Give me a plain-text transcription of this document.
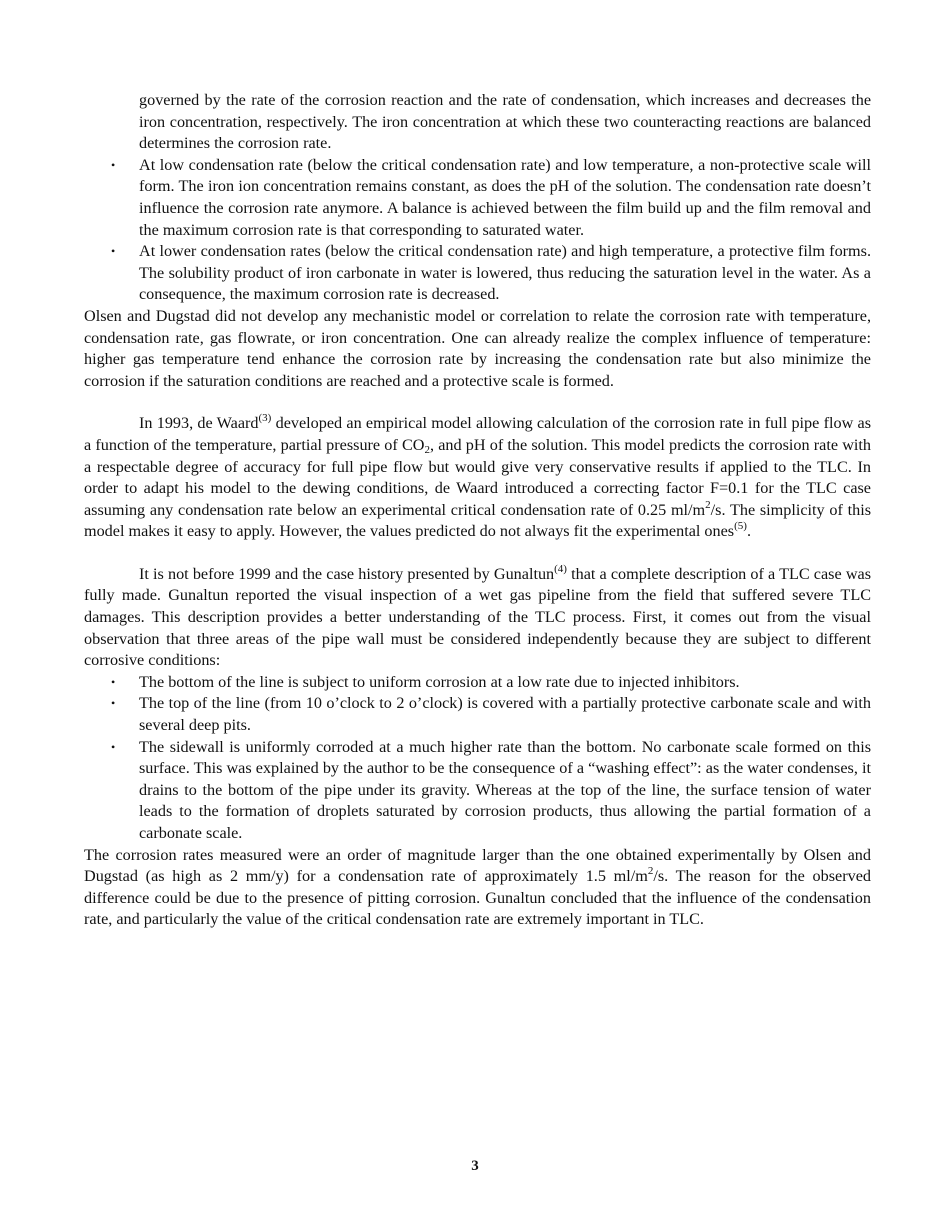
governed by the rate of the corrosion reaction and the rate of condensation, which increases and decreases the iron concentration, respectively. The iron concentration at which these two counteracting reactions are balanced determines the corrosion rate.

• At low condensation rate (below the critical condensation rate) and low temperature, a non-protective scale will form. The iron ion concentration remains constant, as does the pH of the solution. The condensation rate doesn’t influence the corrosion rate anymore. A balance is achieved between the film build up and the film removal and the maximum corrosion rate is that corresponding to saturated water.
• At lower condensation rates (below the critical condensation rate) and high temperature, a protective film forms. The solubility product of iron carbonate in water is lowered, thus reducing the saturation level in the water. As a consequence, the maximum corrosion rate is decreased.

Olsen and Dugstad did not develop any mechanistic model or correlation to relate the corrosion rate with temperature, condensation rate, gas flowrate, or iron concentration. One can already realize the complex influence of temperature: higher gas temperature tend enhance the corrosion rate by increasing the condensation rate but also minimize the corrosion if the saturation conditions are reached and a protective scale is formed.

In 1993, de Waard$^{(3)}$ developed an empirical model allowing calculation of the corrosion rate in full pipe flow as a function of the temperature, partial pressure of $CO_2$, and pH of the solution. This model predicts the corrosion rate with a respectable degree of accuracy for full pipe flow but would give very conservative results if applied to the TLC. In order to adapt his model to the dewing conditions, de Waard introduced a correcting factor F=0.1 for the TLC case assuming any condensation rate below an experimental critical condensation rate of 0.25 $ml/m^2/s$. The simplicity of this model makes it easy to apply. However, the values predicted do not always fit the experimental ones$^{(5)}$.

It is not before 1999 and the case history presented by Gunaltun$^{(4)}$ that a complete description of a TLC case was fully made. Gunaltun reported the visual inspection of a wet gas pipeline from the field that suffered severe TLC damages. This description provides a better understanding of the TLC process. First, it comes out from the visual observation that three areas of the pipe wall must be considered independently because they are subject to different corrosive conditions:

• The bottom of the line is subject to uniform corrosion at a low rate due to injected inhibitors.
• The top of the line (from 10 o’clock to 2 o’clock) is covered with a partially protective carbonate scale and with several deep pits.
• The sidewall is uniformly corroded at a much higher rate than the bottom. No carbonate scale formed on this surface. This was explained by the author to be the consequence of a “washing effect”: as the water condenses, it drains to the bottom of the pipe under its gravity. Whereas at the top of the line, the surface tension of water leads to the formation of droplets saturated by corrosion products, thus allowing the partial formation of a carbonate scale.

The corrosion rates measured were an order of magnitude larger than the one obtained experimentally by Olsen and Dugstad (as high as 2 mm/y) for a condensation rate of approximately 1.5 $ml/m^2/s$. The reason for the observed difference could be due to the presence of pitting corrosion. Gunaltun concluded that the influence of the condensation rate, and particularly the value of the critical condensation rate are extremely important in TLC.

3
